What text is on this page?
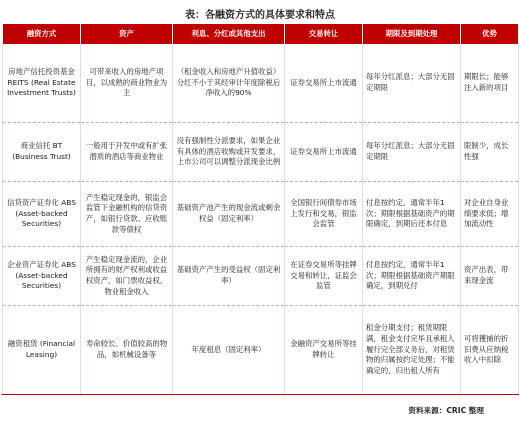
表：各融资方式的具体要求和特点
融资方式	资产	利息、分红或其他支出	交易转让	期限及到期处理	优势
房地产信托投资基金 REITS (Real Estate Investment Trusts)	可带来收入的房地产项目，以成熟的商业物业为主	（租金收入和房地产升值收益）分红不小于其经审计年度除税后净收入的90%	证券交易所上市流通	每年分红派息；大部分无固定期限	期限长；能够注入新的项目
商业信托 BT (Business Trust)	一般用于开发中或有扩张潜质的酒店等商业物业	没有强制性分派要求，如果企业有具体的酒店收购或开发要求，上市公司可以调整分派现金比例	证券交易所上市流通	每年分红派息；大部分无固定期限	限制少，成长性强
信贷资产证券化 ABS (Asset-backed Securities)	产生稳定现金的，银监会监管下金融机构的信贷资产，如银行贷款、应收账款等债权	基础资产池产生的现金流或剩余权益（固定利率）	全国银行间债券市场上发行和交易，银监会监管	付息按约定，通常半年1次；期限根据基础资产的期限确定，到期后还本付息	对企业自身业绩要求低；增加流动性
企业资产证券化 ABS (Asset-backed Securities)	产生稳定现金流的，企业所拥有的财产权利或收益权资产，如门票收益权、物业租金收入	基础资产产生的受益权（固定利率）	在证券交易所等挂牌交易和转让，证监会监管	付息按约定，通常半年1次；期限根据基础资产期限确定，到期兑付	资产出表，带来现金流
融资租赁 (Financial Leasing)	寿命较长、价值较高的物品，如机械设备等	年度租息（固定利率）	金融资产交易所等挂牌转让	租金分期支付；租赁期限满，租金支付完毕且承租人履行完全部义务后，对租赁物的归属按约定处理；不能确定的，归出租人所有	可将獲捕的折旧费从应纳税收入中扣除
资料来源：CRIC 整理
